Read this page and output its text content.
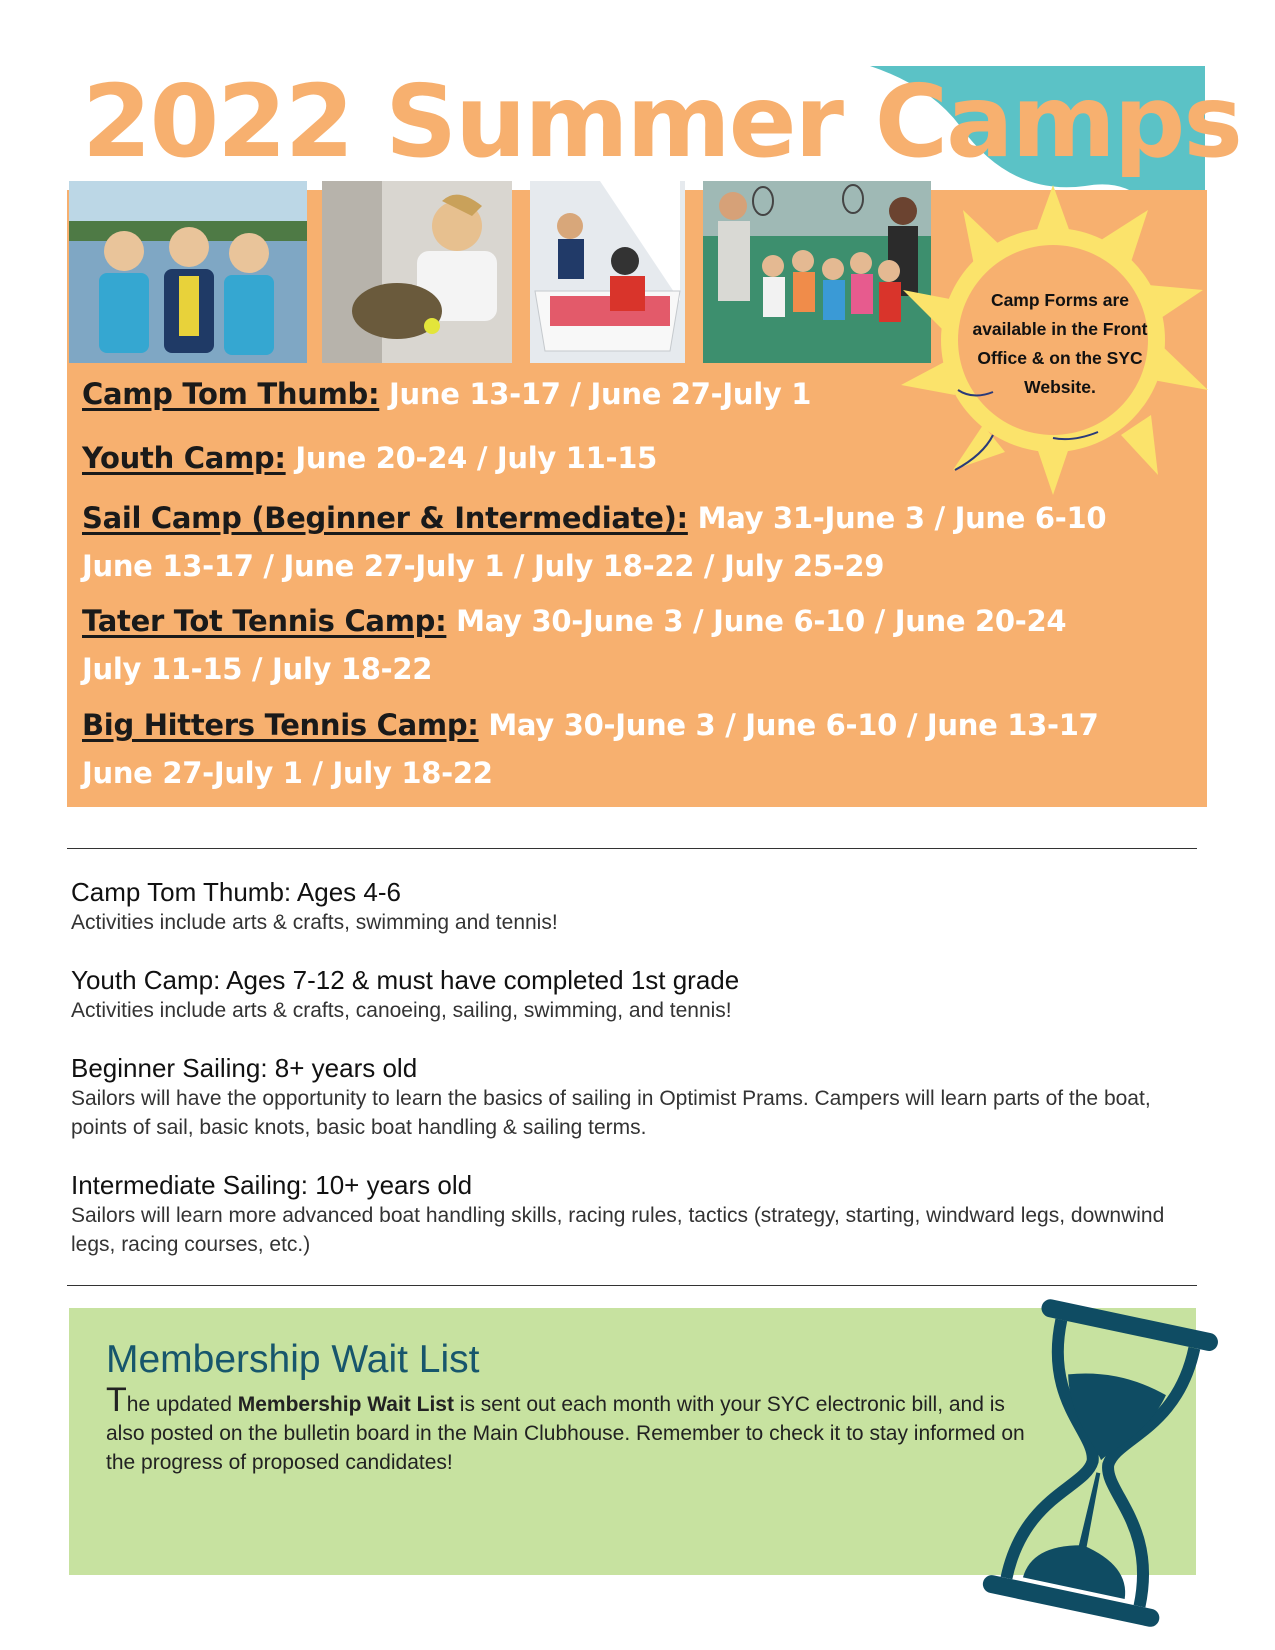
2022 Summer Camps
Camp Forms are available in the Front Office & on the SYC Website.

Camp Tom Thumb: June 13-17 / June 27-July 1

Youth Camp: June 20-24 / July 11-15

Sail Camp (Beginner & Intermediate): May 31-June 3 / June 6-10

June 13-17 / June 27-July 1 / July 18-22 / July 25-29

Tater Tot Tennis Camp: May 30-June 3 / June 6-10 / June 20-24

July 11-15 / July 18-22

Big Hitters Tennis Camp: May 30-June 3 / June 6-10 / June 13-17

June 27-July 1 / July 18-22

Camp Tom Thumb: Ages 4-6

Activities include arts & crafts, swimming and tennis!

Youth Camp: Ages 7-12 & must have completed 1st grade

Activities include arts & crafts, canoeing, sailing, swimming, and tennis!

Beginner Sailing: 8+ years old

Sailors will have the opportunity to learn the basics of sailing in Optimist Prams. Campers will learn parts of the boat, points of sail, basic knots, basic boat handling & sailing terms.

Intermediate Sailing: 10+ years old

Sailors will learn more advanced boat handling skills, racing rules, tactics (strategy, starting, windward legs, downwind legs, racing courses, etc.)

Membership Wait List

The updated Membership Wait List is sent out each month with your SYC electronic bill, and is also posted on the bulletin board in the Main Clubhouse. Remember to check it to stay informed on the progress of proposed candidates!
